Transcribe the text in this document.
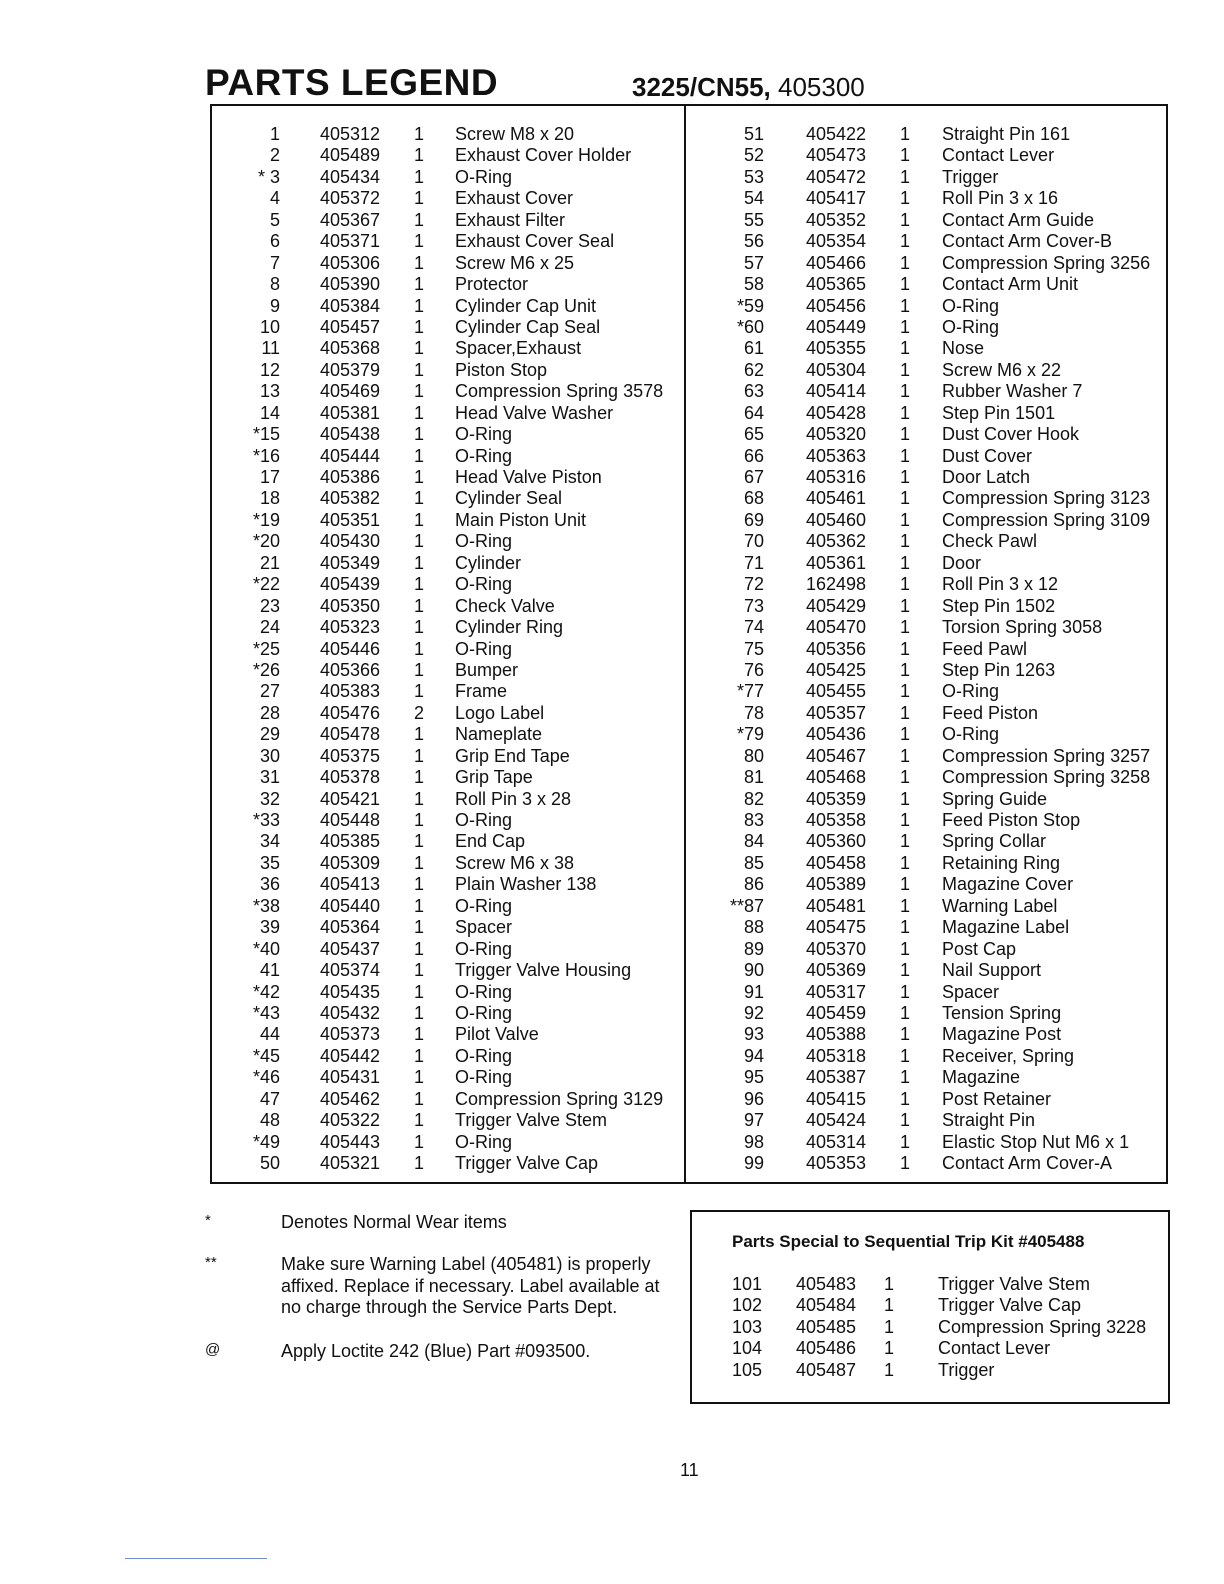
PARTS LEGEND	3225/CN55, 405300
1 405312 1 Screw M8 x 20
2 405489 1 Exhaust Cover Holder
* 3 405434 1 O-Ring
4 405372 1 Exhaust Cover
5 405367 1 Exhaust Filter
6 405371 1 Exhaust Cover Seal
7 405306 1 Screw M6 x 25
8 405390 1 Protector
9 405384 1 Cylinder Cap Unit
10 405457 1 Cylinder Cap Seal
11 405368 1 Spacer,Exhaust
12 405379 1 Piston Stop
13 405469 1 Compression Spring 3578
14 405381 1 Head Valve Washer
*15 405438 1 O-Ring
*16 405444 1 O-Ring
17 405386 1 Head Valve Piston
18 405382 1 Cylinder Seal
*19 405351 1 Main Piston Unit
*20 405430 1 O-Ring
21 405349 1 Cylinder
*22 405439 1 O-Ring
23 405350 1 Check Valve
24 405323 1 Cylinder Ring
*25 405446 1 O-Ring
*26 405366 1 Bumper
27 405383 1 Frame
28 405476 2 Logo Label
29 405478 1 Nameplate
30 405375 1 Grip End Tape
31 405378 1 Grip Tape
32 405421 1 Roll Pin 3 x 28
*33 405448 1 O-Ring
34 405385 1 End Cap
35 405309 1 Screw M6 x 38
36 405413 1 Plain Washer 138
*38 405440 1 O-Ring
39 405364 1 Spacer
*40 405437 1 O-Ring
41 405374 1 Trigger Valve Housing
*42 405435 1 O-Ring
*43 405432 1 O-Ring
44 405373 1 Pilot Valve
*45 405442 1 O-Ring
*46 405431 1 O-Ring
47 405462 1 Compression Spring 3129
48 405322 1 Trigger Valve Stem
*49 405443 1 O-Ring
50 405321 1 Trigger Valve Cap
51 405422 1 Straight Pin 161
52 405473 1 Contact Lever
53 405472 1 Trigger
54 405417 1 Roll Pin 3 x 16
55 405352 1 Contact Arm Guide
56 405354 1 Contact Arm Cover-B
57 405466 1 Compression Spring 3256
58 405365 1 Contact Arm Unit
*59 405456 1 O-Ring
*60 405449 1 O-Ring
61 405355 1 Nose
62 405304 1 Screw M6 x 22
63 405414 1 Rubber Washer 7
64 405428 1 Step Pin 1501
65 405320 1 Dust Cover Hook
66 405363 1 Dust Cover
67 405316 1 Door Latch
68 405461 1 Compression Spring 3123
69 405460 1 Compression Spring 3109
70 405362 1 Check Pawl
71 405361 1 Door
72 162498 1 Roll Pin 3 x 12
73 405429 1 Step Pin 1502
74 405470 1 Torsion Spring 3058
75 405356 1 Feed Pawl
76 405425 1 Step Pin 1263
*77 405455 1 O-Ring
78 405357 1 Feed Piston
*79 405436 1 O-Ring
80 405467 1 Compression Spring 3257
81 405468 1 Compression Spring 3258
82 405359 1 Spring Guide
83 405358 1 Feed Piston Stop
84 405360 1 Spring Collar
85 405458 1 Retaining Ring
86 405389 1 Magazine Cover
**87 405481 1 Warning Label
88 405475 1 Magazine Label
89 405370 1 Post Cap
90 405369 1 Nail Support
91 405317 1 Spacer
92 405459 1 Tension Spring
93 405388 1 Magazine Post
94 405318 1 Receiver, Spring
95 405387 1 Magazine
96 405415 1 Post Retainer
97 405424 1 Straight Pin
98 405314 1 Elastic Stop Nut M6 x 1
99 405353 1 Contact Arm Cover-A
*	Denotes Normal Wear items
**	Make sure Warning Label (405481) is properly affixed. Replace if necessary. Label available at no charge through the Service Parts Dept.
@	Apply Loctite 242 (Blue) Part #093500.
Parts Special to Sequential Trip Kit #405488
101 405483 1 Trigger Valve Stem
102 405484 1 Trigger Valve Cap
103 405485 1 Compression Spring 3228
104 405486 1 Contact Lever
105 405487 1 Trigger
11
